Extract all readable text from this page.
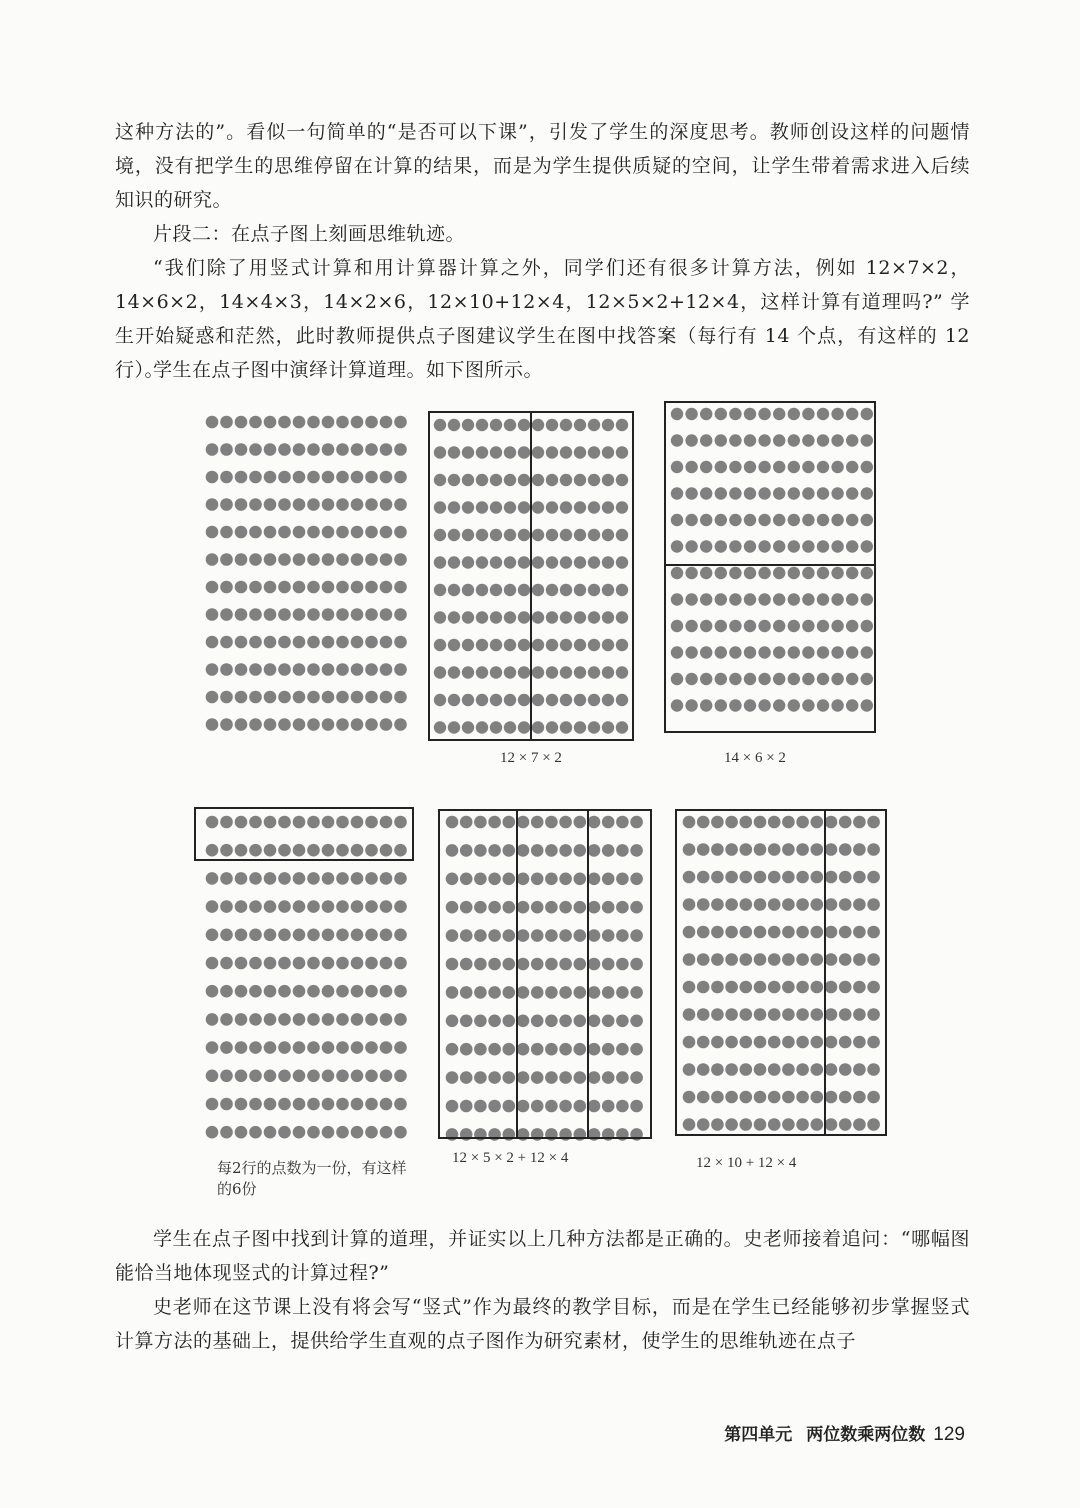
这种方法的”。看似一句简单的“是否可以下课”，引发了学生的深度思考。教师创设这样的问题情境，没有把学生的思维停留在计算的结果，而是为学生提供质疑的空间，让学生带着需求进入后续知识的研究。

片段二：在点子图上刻画思维轨迹。

“我们除了用竖式计算和用计算器计算之外，同学们还有很多计算方法，例如 12×7×2，14×6×2，14×4×3，14×2×6，12×10+12×4，12×5×2+12×4，这样计算有道理吗?” 学生开始疑惑和茫然，此时教师提供点子图建议学生在图中找答案（每行有 14 个点，有这样的 12 行）。

学生在点子图中演绎计算道理。如下图所示。

12 × 7 × 2	14 × 6 × 2
每2行的点数为一份，有这样的6份
12 × 5 × 2 + 12 × 4	12 × 10 + 12 × 4

学生在点子图中找到计算的道理，并证实以上几种方法都是正确的。史老师接着追问：“哪幅图能恰当地体现竖式的计算过程?”

史老师在这节课上没有将会写“竖式”作为最终的教学目标，而是在学生已经能够初步掌握竖式计算方法的基础上，提供给学生直观的点子图作为研究素材，使学生的思维轨迹在点子

第四单元 两位数乘两位数 129
